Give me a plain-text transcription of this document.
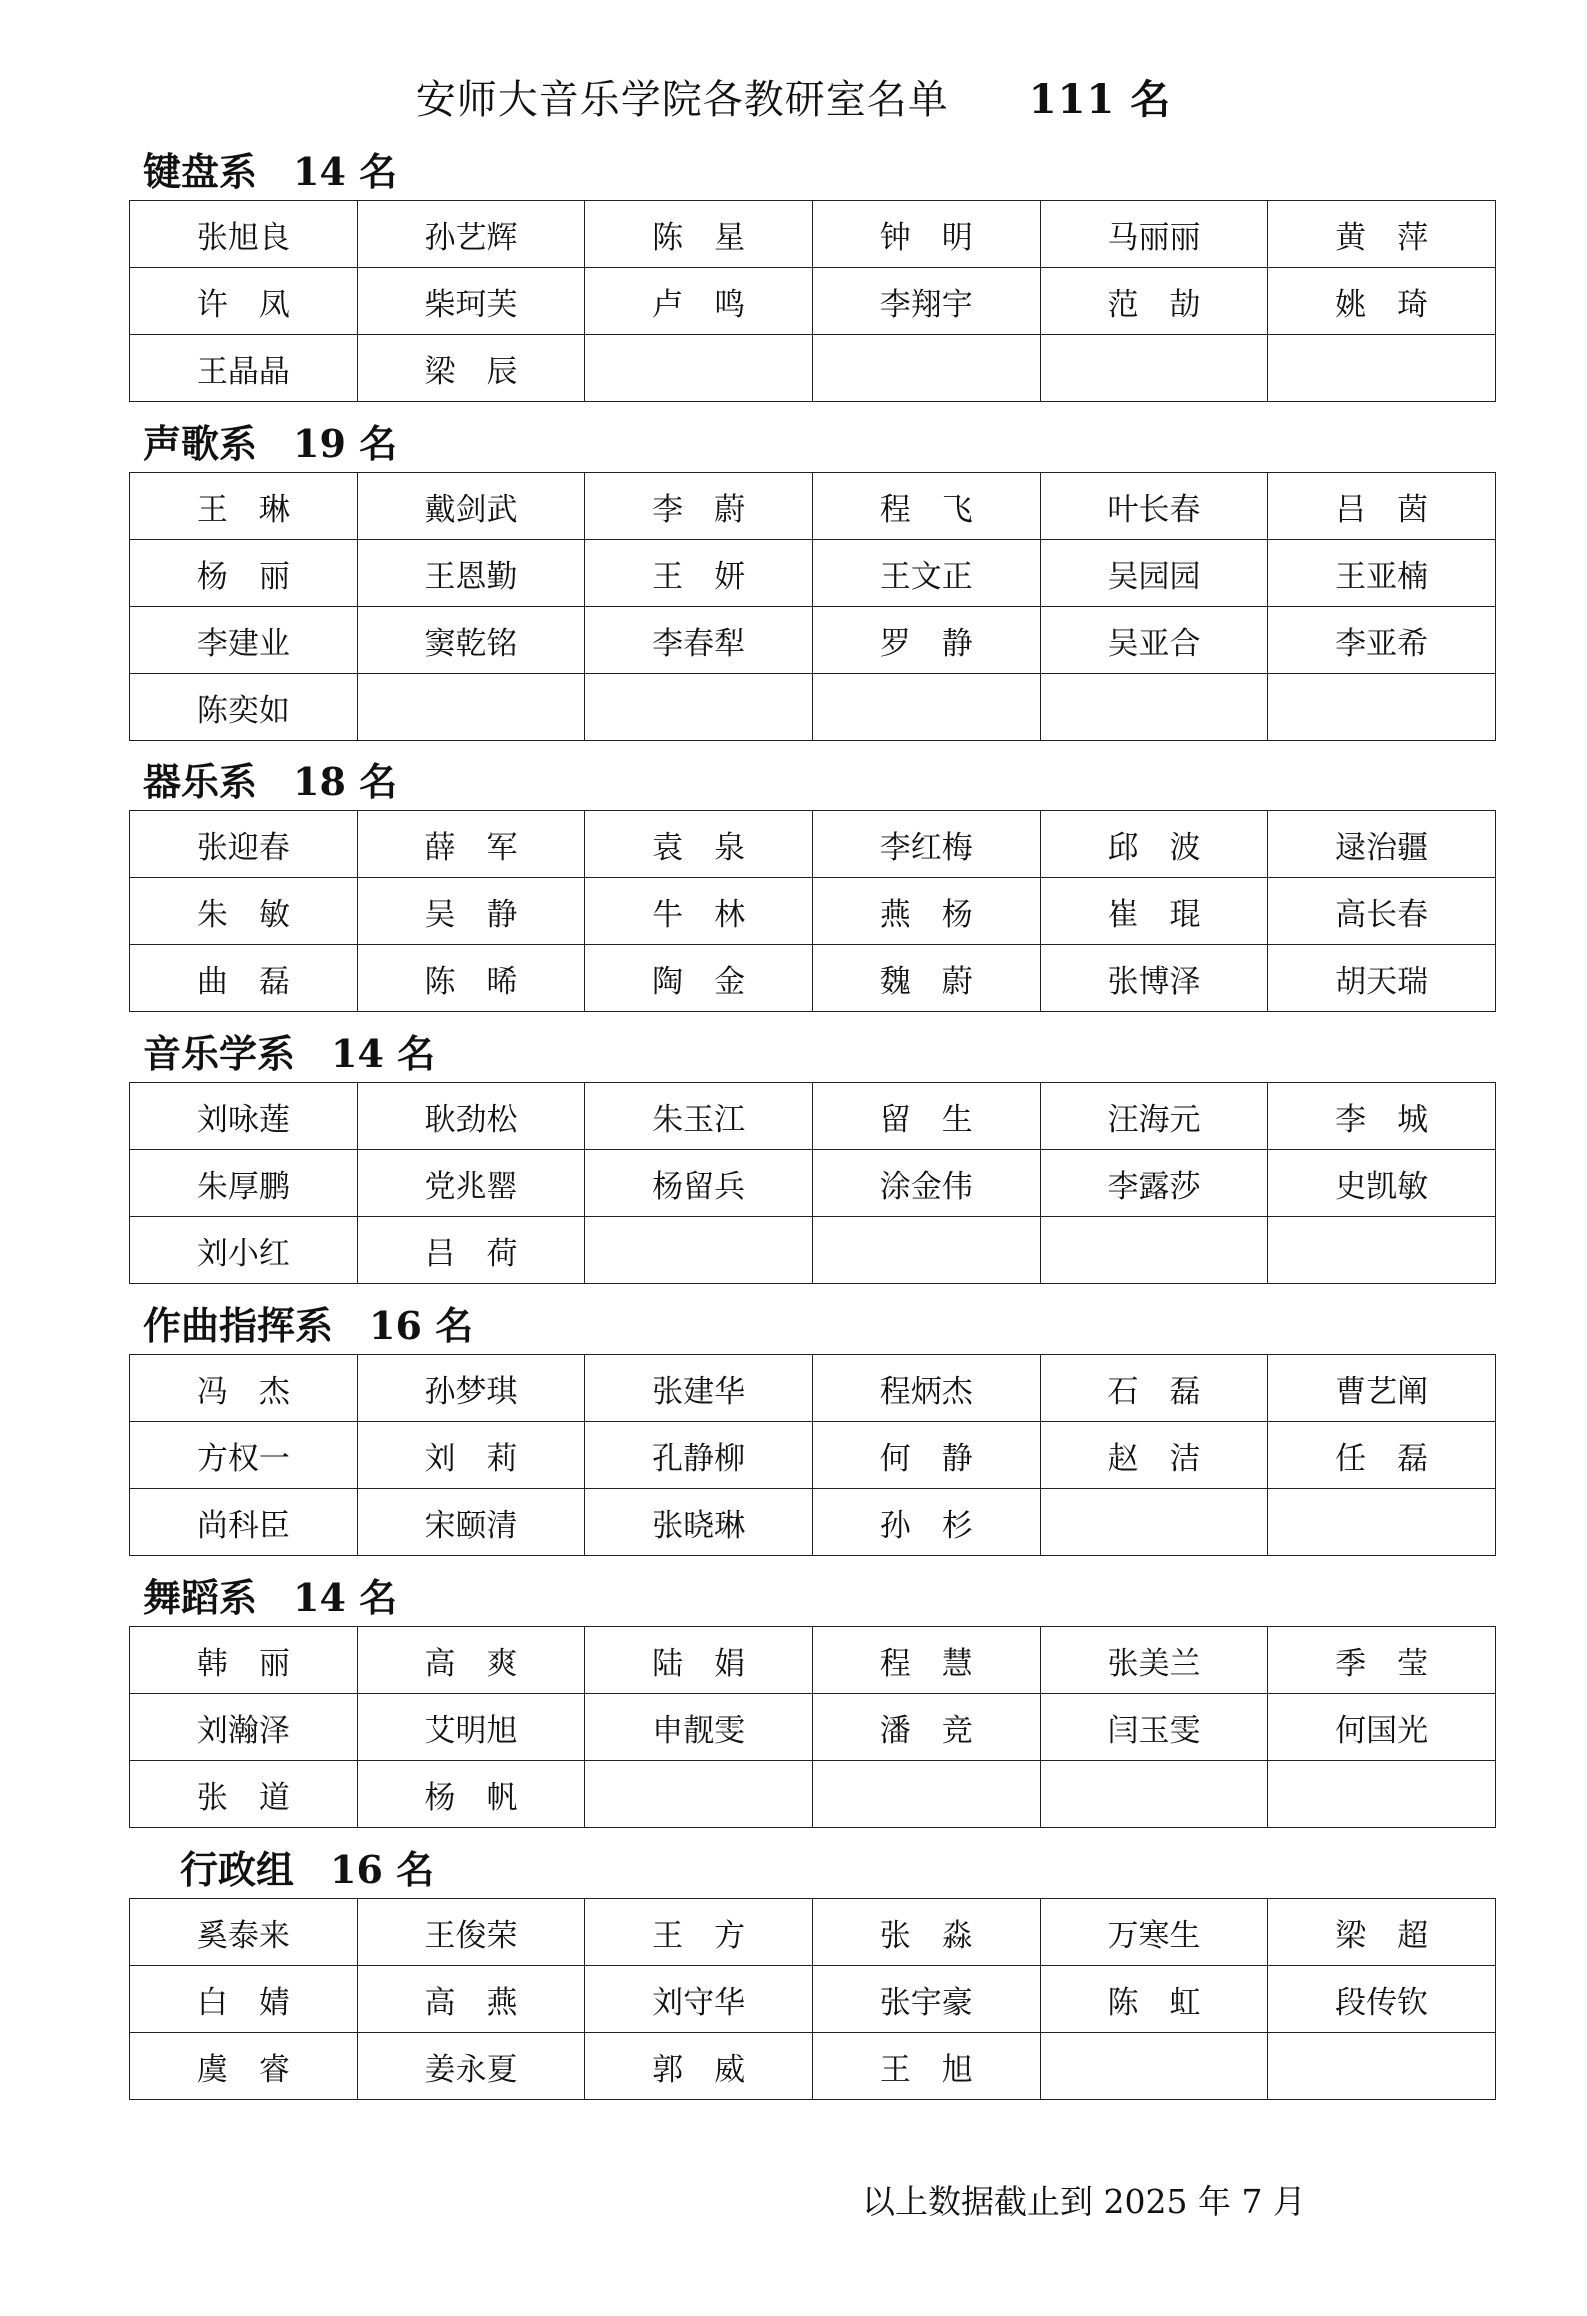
安师大音乐学院各教研室名单 111 名
键盘系 14 名
张旭良	孙艺辉	陈　星	钟　明	马丽丽	黄　萍
许　凤	柴珂芙	卢　鸣	李翔宇	范　劼	姚　琦
王晶晶	梁　辰				
声歌系 19 名
王　琳	戴剑武	李　蔚	程　飞	叶长春	吕　茵
杨　丽	王恩勤	王　妍	王文正	吴园园	王亚楠
李建业	窦乾铭	李春犁	罗　静	吴亚合	李亚希
陈奕如					
器乐系 18 名
张迎春	薛　军	袁　泉	李红梅	邱　波	逯治疆
朱　敏	吴　静	牛　林	燕　杨	崔　琨	高长春
曲　磊	陈　晞	陶　金	魏　蔚	张博泽	胡天瑞
音乐学系 14 名
刘咏莲	耿劲松	朱玉江	留　生	汪海元	李　城
朱厚鹏	党兆罂	杨留兵	涂金伟	李露莎	史凯敏
刘小红	吕　荷				
作曲指挥系 16 名
冯　杰	孙梦琪	张建华	程炳杰	石　磊	曹艺阐
方权一	刘　莉	孔静柳	何　静	赵　洁	任　磊
尚科臣	宋颐清	张晓琳	孙　杉		
舞蹈系 14 名
韩　丽	高　爽	陆　娟	程　慧	张美兰	季　莹
刘瀚泽	艾明旭	申靓雯	潘　竞	闫玉雯	何国光
张　道	杨　帆				
行政组 16 名
奚泰来	王俊荣	王　方	张　淼	万寒生	梁　超
白　婧	高　燕	刘守华	张宇豪	陈　虹	段传钦
虞　睿	姜永夏	郭　威	王　旭		
以上数据截止到 2025 年 7 月
